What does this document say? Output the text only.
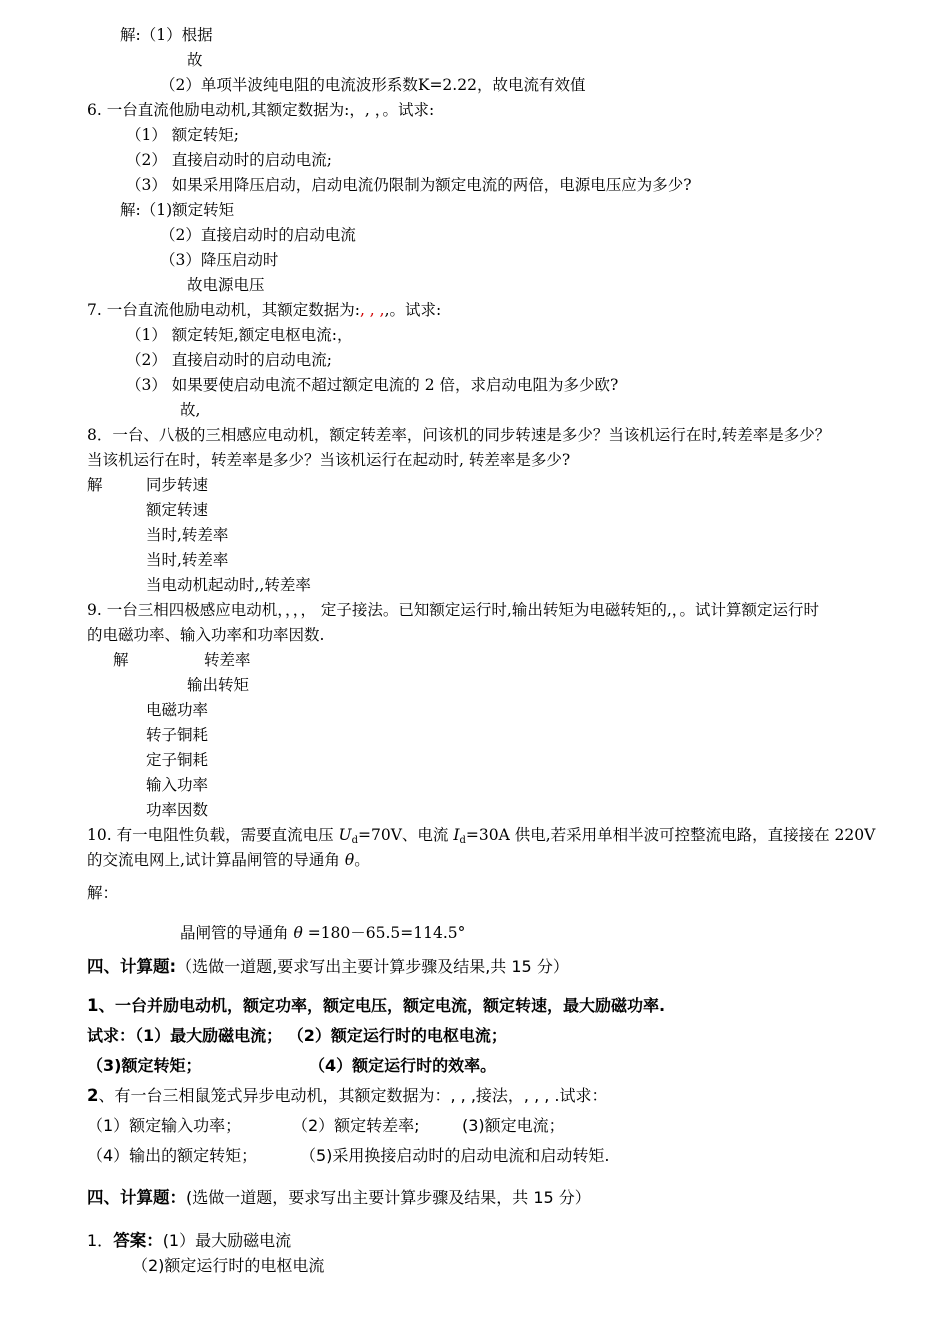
解:（1）根据
故
（2）单项半波纯电阻的电流波形系数K=2.22，故电流有效值
6. 一台直流他励电动机,其额定数据为:，, ，。试求:
（1） 额定转矩;
（2） 直接启动时的启动电流;
（3） 如果采用降压启动，启动电流仍限制为额定电流的两倍，电源电压应为多少?
解:（1)额定转矩
（2）直接启动时的启动电流
（3）降压启动时
故电源电压
7. 一台直流他励电动机，其额定数据为:, , ,,。试求:
（1） 额定转矩,额定电枢电流:，
（2） 直接启动时的启动电流;
（3） 如果要使启动电流不超过额定电流的 2 倍，求启动电阻为多少欧?
故,
8．一台、八极的三相感应电动机，额定转差率，问该机的同步转速是多少？当该机运行在时,转差率是多少？
当该机运行在时，转差率是多少？当该机运行在起动时, 转差率是多少?
解	同步转速
额定转速
当时,转差率
当时,转差率
当电动机起动时,,转差率
9. 一台三相四极感应电动机，，，， 定子接法。已知额定运行时,输出转矩为电磁转矩的,，。试计算额定运行时
的电磁功率、输入功率和功率因数.
解	转差率
输出转矩
电磁功率
转子铜耗
定子铜耗
输入功率
功率因数
10. 有一电阻性负载，需要直流电压 $U_d=70V$、电流 $I_d=30A$ 供电,若采用单相半波可控整流电路，直接接在 220V
的交流电网上,试计算晶闸管的导通角 θ。
解：
晶闸管的导通角 θ =180－65.5=114.5°
四、计算题:（选做一道题,要求写出主要计算步骤及结果,共 15 分）
1、一台并励电动机，额定功率，额定电压，额定电流，额定转速，最大励磁功率.
试求：（1）最大励磁电流； （2）额定运行时的电枢电流；
（3)额定转矩；	（4）额定运行时的效率。
2、有一台三相鼠笼式异步电动机，其额定数据为：, , ,接法，, , , .试求：
（1）额定输入功率；	（2）额定转差率;	(3)额定电流；
（4）输出的额定转矩；	（5)采用换接启动时的启动电流和启动转矩.
四、计算题：(选做一道题，要求写出主要计算步骤及结果，共 15 分）
1．答案：(1）最大励磁电流
（2)额定运行时的电枢电流
